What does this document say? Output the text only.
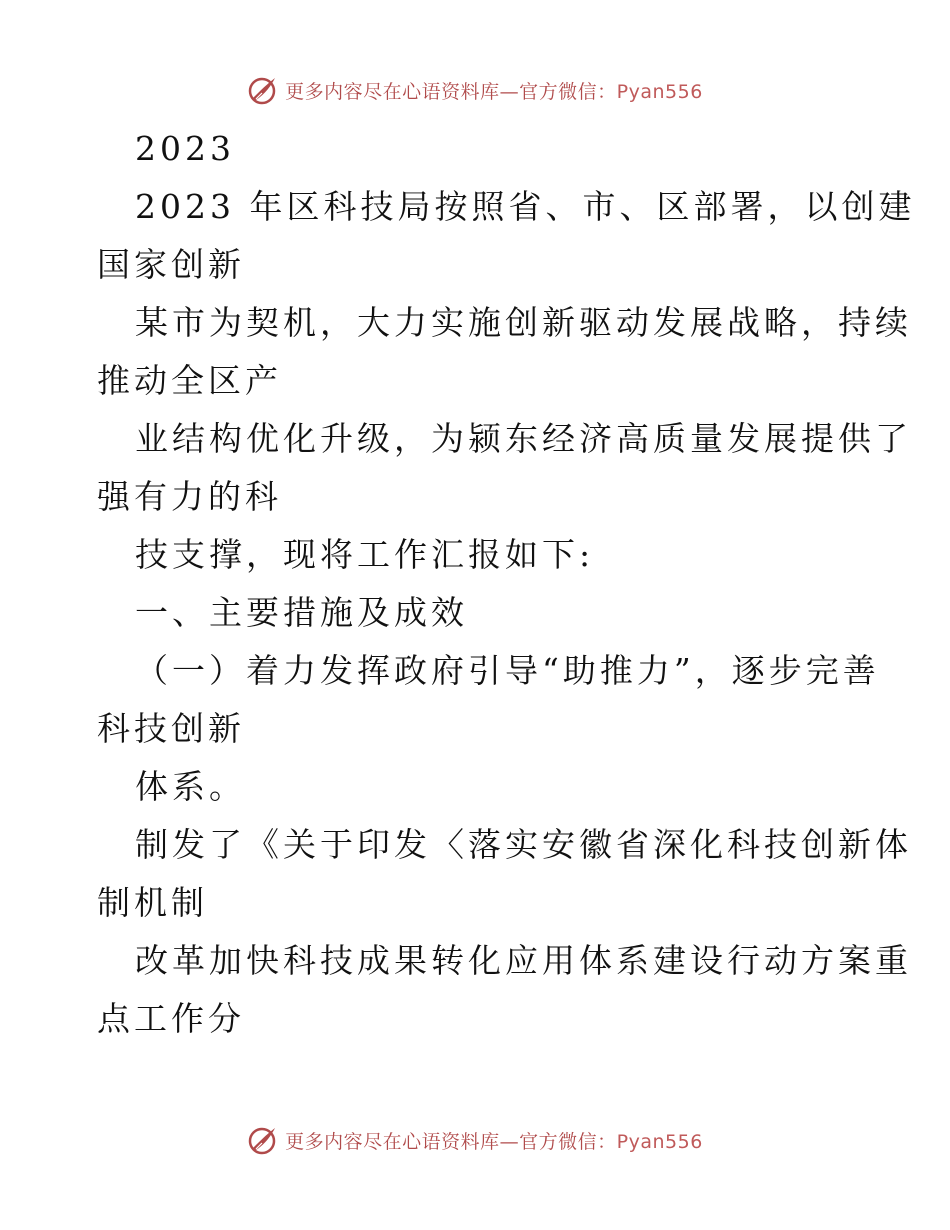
更多内容尽在心语资料库—官方微信：Pyan556
2023
2023 年区科技局按照省、市、区部署，以创建
国家创新
某市为契机，大力实施创新驱动发展战略，持续
推动全区产
业结构优化升级，为颍东经济高质量发展提供了
强有力的科
技支撑，现将工作汇报如下:
一、主要措施及成效
（一）着力发挥政府引导“助推力”，逐步完善
科技创新
体系。
制发了《关于印发〈落实安徽省深化科技创新体
制机制
改革加快科技成果转化应用体系建设行动方案重
点工作分
更多内容尽在心语资料库—官方微信：Pyan556
